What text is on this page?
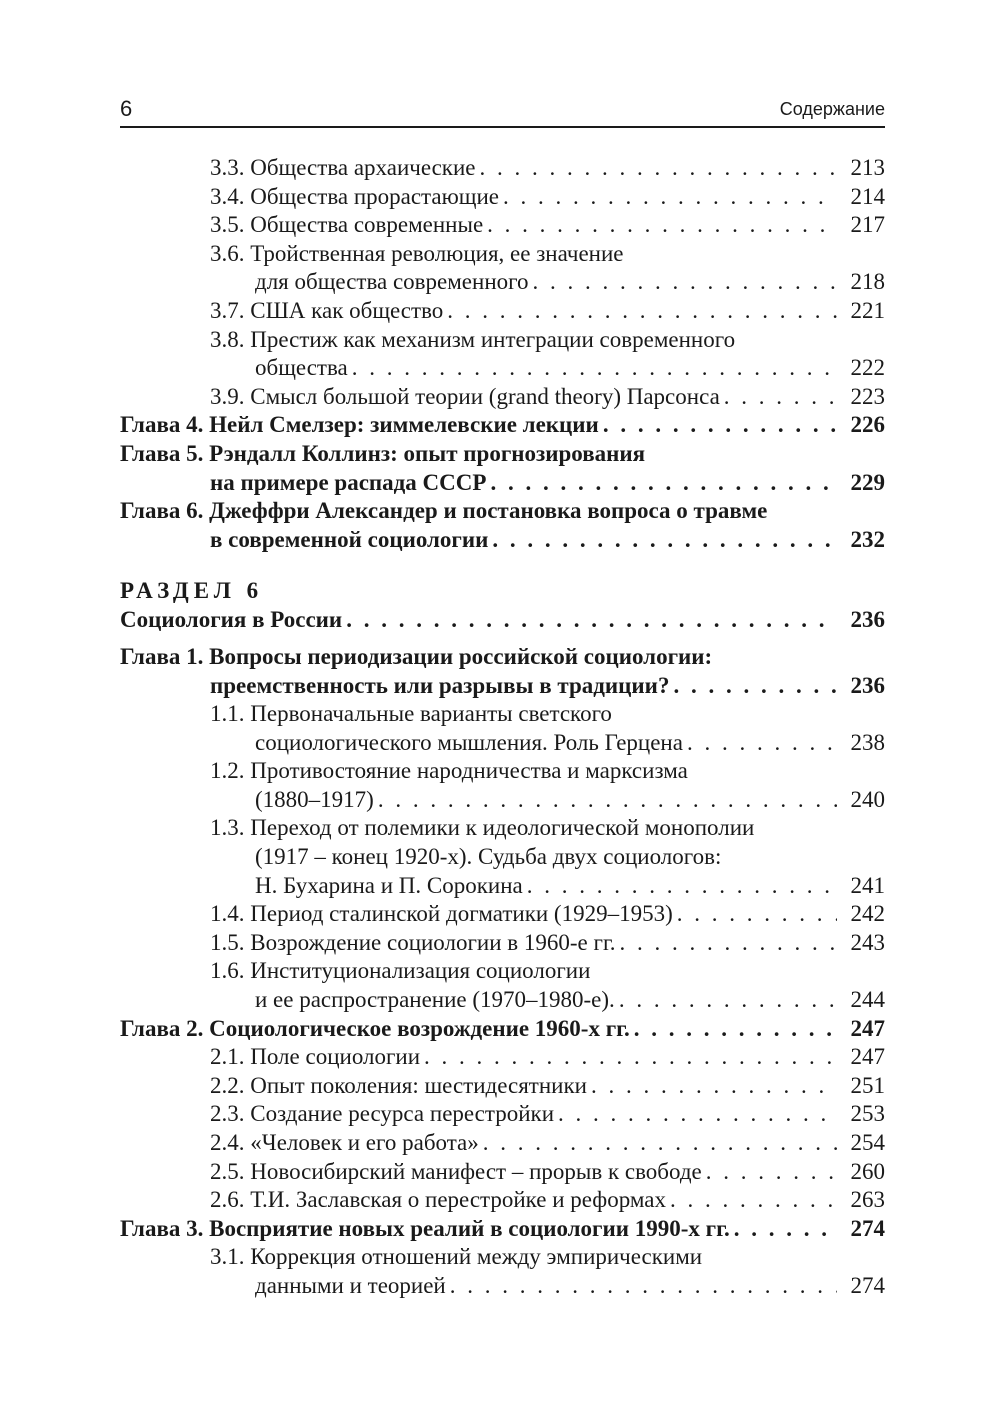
6	Содержание
3.3. Общества архаические . . .	213
3.4. Общества прорастающие . . .	214
3.5. Общества современные . . .	217
3.6. Тройственная революция, ее значение
для общества современного . . .	218
3.7. США как общество . . .	221
3.8. Престиж как механизм интеграции современного
общества . . .	222
3.9. Смысл большой теории (grand theory) Парсонса . . .	223
Глава 4. Нейл Смелзер: зиммелевские лекции . . .	226
Глава 5. Рэндалл Коллинз: опыт прогнозирования
на примере распада СССР . . .	229
Глава 6. Джеффри Александер и постановка вопроса о травме
в современной социологии . . .	232
РАЗДЕЛ 6
Социология в России . . .	236
Глава 1. Вопросы периодизации российской социологии:
преемственность или разрывы в традиции? . . .	236
1.1. Первоначальные варианты светского
социологического мышления. Роль Герцена . . .	238
1.2. Противостояние народничества и марксизма
(1880–1917) . . .	240
1.3. Переход от полемики к идеологической монополии
(1917 – конец 1920-х). Судьба двух социологов:
Н. Бухарина и П. Сорокина . . .	241
1.4. Период сталинской догматики (1929–1953) . . .	242
1.5. Возрождение социологии в 1960-е гг. . . .	243
1.6. Институционализация социологии
и ее распространение (1970–1980-е). . . .	244
Глава 2. Социологическое возрождение 1960-х гг. . . .	247
2.1. Поле социологии . . .	247
2.2. Опыт поколения: шестидесятники . . .	251
2.3. Создание ресурса перестройки . . .	253
2.4. «Человек и его работа» . . .	254
2.5. Новосибирский манифест – прорыв к свободе . . .	260
2.6. Т.И. Заславская о перестройке и реформах . . .	263
Глава 3. Восприятие новых реалий в социологии 1990-х гг. . . .	274
3.1. Коррекция отношений между эмпирическими
данными и теорией . . .	274
